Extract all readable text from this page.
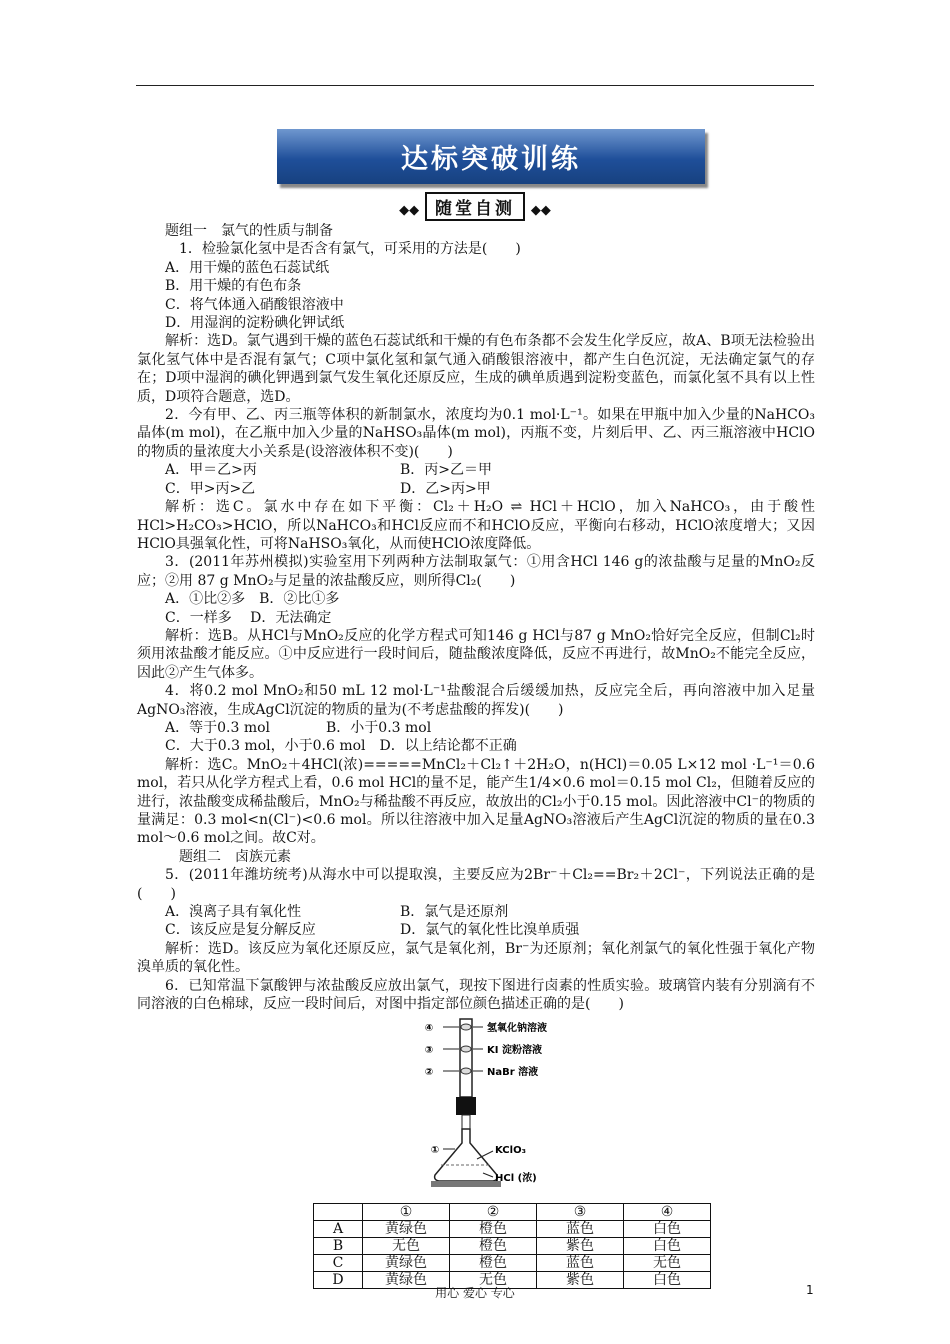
达标突破训练
◆◆ 随堂自测 ◆◆

题组一　氯气的性质与制备

1．检验氯化氢中是否含有氯气，可采用的方法是(　　)

A．用干燥的蓝色石蕊试纸

B．用干燥的有色布条

C．将气体通入硝酸银溶液中

D．用湿润的淀粉碘化钾试纸

解析：选D。氯气遇到干燥的蓝色石蕊试纸和干燥的有色布条都不会发生化学反应，故A、B项无法检验出氯化氢气体中是否混有氯气；C项中氯化氢和氯气通入硝酸银溶液中，都产生白色沉淀，无法确定氯气的存在；D项中湿润的碘化钾遇到氯气发生氧化还原反应，生成的碘单质遇到淀粉变蓝色，而氯化氢不具有以上性质，D项符合题意，选D。

2．今有甲、乙、丙三瓶等体积的新制氯水，浓度均为0.1 mol·L⁻¹。如果在甲瓶中加入少量的NaHCO₃晶体(m mol)，在乙瓶中加入少量的NaHSO₃晶体(m mol)，丙瓶不变，片刻后甲、乙、丙三瓶溶液中HClO的物质的量浓度大小关系是(设溶液体积不变)(　　)

A．甲＝乙>丙	B．丙>乙＝甲
C．甲>丙>乙	D．乙>丙>甲

解析：选C。氯水中存在如下平衡：Cl₂＋H₂O ⇌ HCl＋HClO，加入NaHCO₃，由于酸性HCl>H₂CO₃>HClO，所以NaHCO₃和HCl反应而不和HClO反应，平衡向右移动，HClO浓度增大；又因HClO具强氧化性，可将NaHSO₃氧化，从而使HClO浓度降低。

3．(2011年苏州模拟)实验室用下列两种方法制取氯气：①用含HCl 146 g的浓盐酸与足量的MnO₂反应；②用 87 g MnO₂与足量的浓盐酸反应，则所得Cl₂(　　)

A．①比②多　B．②比①多

C．一样多　 D．无法确定

解析：选B。从HCl与MnO₂反应的化学方程式可知146 g HCl与87 g MnO₂恰好完全反应，但制Cl₂时须用浓盐酸才能反应。①中反应进行一段时间后，随盐酸浓度降低，反应不再进行，故MnO₂不能完全反应，因此②产生气体多。

4．将0.2 mol MnO₂和50 mL 12 mol·L⁻¹盐酸混合后缓缓加热，反应完全后，再向溶液中加入足量AgNO₃溶液，生成AgCl沉淀的物质的量为(不考虑盐酸的挥发)(　　)

A．等于0.3 mol　　　　B．小于0.3 mol

C．大于0.3 mol，小于0.6 mol　D．以上结论都不正确

解析：选C。MnO₂＋4HCl(浓)=====MnCl₂＋Cl₂↑＋2H₂O，n(HCl)＝0.05 L×12 mol ·L⁻¹＝0.6 mol，若只从化学方程式上看，0.6 mol HCl的量不足，能产生1/4×0.6 mol＝0.15 mol Cl₂，但随着反应的进行，浓盐酸变成稀盐酸后，MnO₂与稀盐酸不再反应，故放出的Cl₂小于0.15 mol。因此溶液中Cl⁻的物质的量满足：0.3 mol<n(Cl⁻)<0.6 mol。所以往溶液中加入足量AgNO₃溶液后产生AgCl沉淀的物质的量在0.3 mol～0.6 mol之间。故C对。

题组二　卤族元素

5．(2011年潍坊统考)从海水中可以提取溴，主要反应为2Br⁻＋Cl₂==Br₂＋2Cl⁻，下列说法正确的是(　　)

A．溴离子具有氧化性	B．氯气是还原剂
C．该反应是复分解反应	D．氯气的氧化性比溴单质强

解析：选D。该反应为氧化还原反应，氯气是氧化剂，Br⁻为还原剂；氧化剂氯气的氧化性强于氧化产物溴单质的氧化性。

6．已知常温下氯酸钾与浓盐酸反应放出氯气，现按下图进行卤素的性质实验。玻璃管内装有分别滴有不同溶液的白色棉球，反应一段时间后，对图中指定部位颜色描述正确的是(　　)

④
③
②
①
氢氧化钠溶液
KI 淀粉溶液
NaBr 溶液
KClO₃
HCl (浓)
	①	②	③	④
A	黄绿色	橙色	蓝色	白色
B	无色	橙色	紫色	白色
C	黄绿色	橙色	蓝色	无色
D	黄绿色	无色	紫色	白色
用心 爱心 专心	1
